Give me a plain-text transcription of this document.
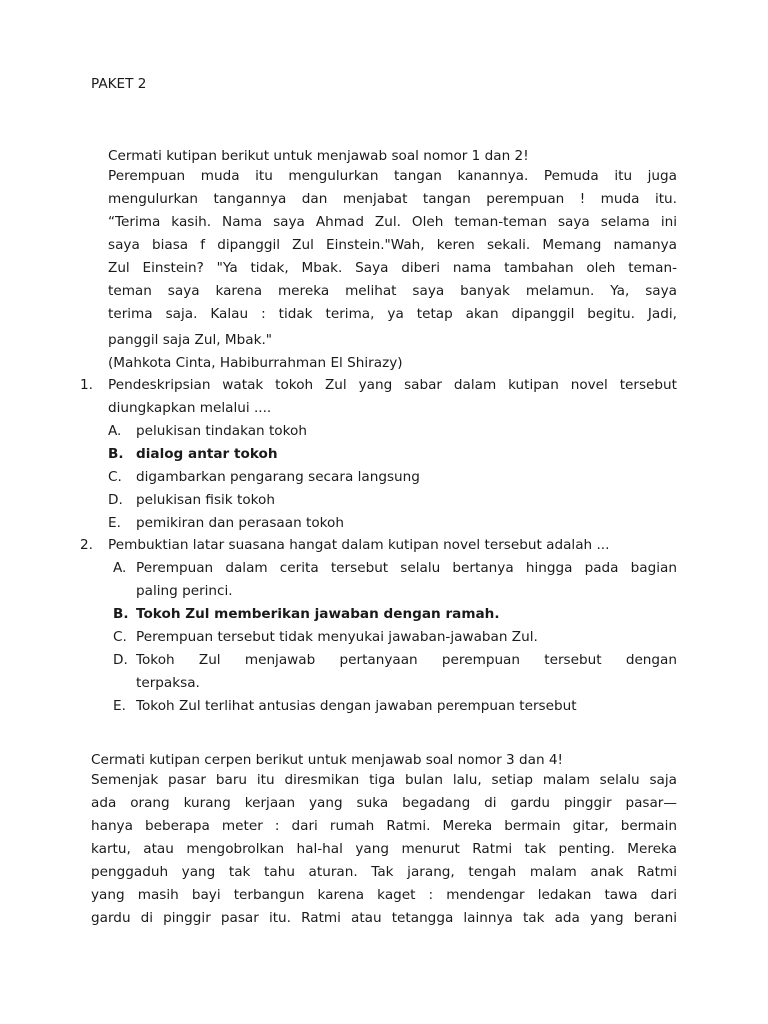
PAKET 2
Cermati kutipan berikut untuk menjawab soal nomor 1 dan 2!
Perempuan muda itu mengulurkan tangan kanannya. Pemuda itu juga
mengulurkan tangannya dan menjabat tangan perempuan ! muda itu.
“Terima kasih. Nama saya Ahmad Zul. Oleh teman-teman saya selama ini
saya biasa f dipanggil Zul Einstein."Wah, keren sekali. Memang namanya
Zul Einstein? "Ya tidak, Mbak. Saya diberi nama tambahan oleh teman-
teman saya karena mereka melihat saya banyak melamun. Ya, saya
terima saja. Kalau : tidak terima, ya tetap akan dipanggil begitu. Jadi,
panggil saja Zul, Mbak."
(Mahkota Cinta, Habiburrahman El Shirazy)
1. Pendeskripsian watak tokoh Zul yang sabar dalam kutipan novel tersebut
diungkapkan melalui ....
A. pelukisan tindakan tokoh
B. dialog antar tokoh
C. digambarkan pengarang secara langsung
D. pelukisan fisik tokoh
E. pemikiran dan perasaan tokoh
2. Pembuktian latar suasana hangat dalam kutipan novel tersebut adalah ...
A. Perempuan dalam cerita tersebut selalu bertanya hingga pada bagian
paling perinci.
B. Tokoh Zul memberikan jawaban dengan ramah.
C. Perempuan tersebut tidak menyukai jawaban-jawaban Zul.
D. Tokoh Zul menjawab pertanyaan perempuan tersebut dengan
terpaksa.
E. Tokoh Zul terlihat antusias dengan jawaban perempuan tersebut
Cermati kutipan cerpen berikut untuk menjawab soal nomor 3 dan 4!
Semenjak pasar baru itu diresmikan tiga bulan lalu, setiap malam selalu saja
ada orang kurang kerjaan yang suka begadang di gardu pinggir pasar—
hanya beberapa meter : dari rumah Ratmi. Mereka bermain gitar, bermain
kartu, atau mengobrolkan hal-hal yang menurut Ratmi tak penting. Mereka
penggaduh yang tak tahu aturan. Tak jarang, tengah malam anak Ratmi
yang masih bayi terbangun karena kaget : mendengar ledakan tawa dari
gardu di pinggir pasar itu. Ratmi atau tetangga lainnya tak ada yang berani
